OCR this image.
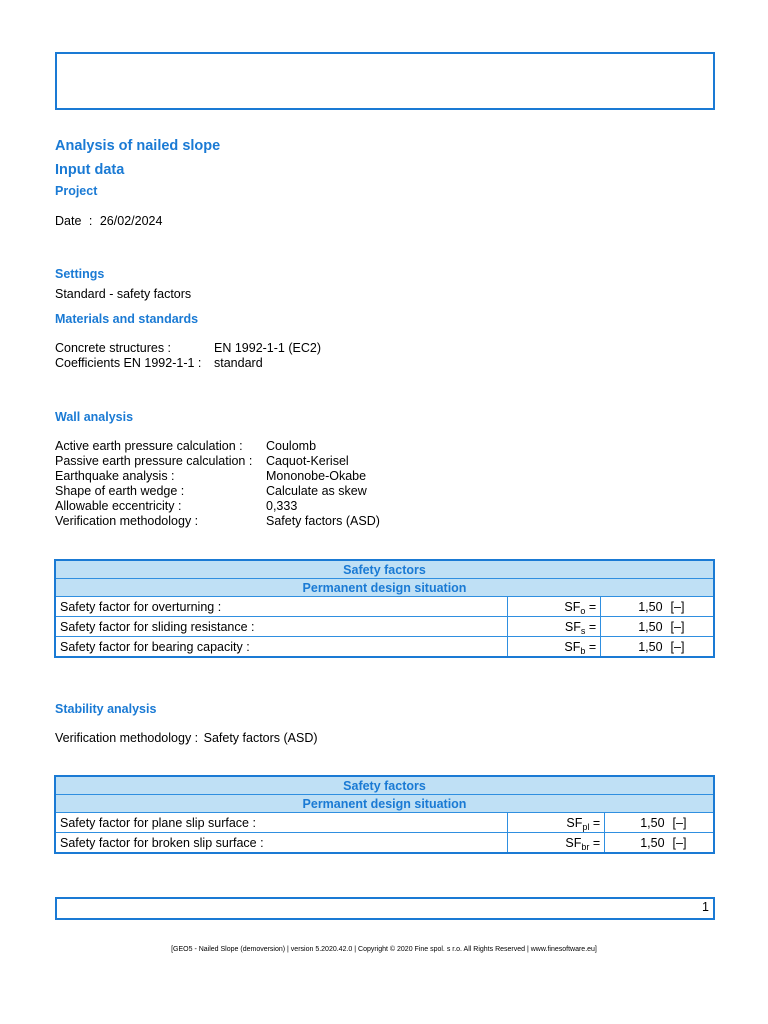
Analysis of nailed slope
Input data
Project
Date : 26/02/2024
Settings
Standard - safety factors
Materials and standards
Concrete structures :	EN 1992-1-1 (EC2)
Coefficients EN 1992-1-1 :	standard
Wall analysis
Active earth pressure calculation :	Coulomb
Passive earth pressure calculation :	Caquot-Kerisel
Earthquake analysis :	Mononobe-Okabe
Shape of earth wedge :	Calculate as skew
Allowable eccentricity :	0,333
Verification methodology :	Safety factors (ASD)
Safety factors			
Permanent design situation			
Safety factor for overturning :	$SF_o$ =	1,50	[–]
Safety factor for sliding resistance :	$SF_s$ =	1,50	[–]
Safety factor for bearing capacity :	$SF_b$ =	1,50	[–]
Stability analysis
Verification methodology : Safety factors (ASD)
Safety factors			
Permanent design situation			
Safety factor for plane slip surface :	$SF_{pl}$ =	1,50	[–]
Safety factor for broken slip surface :	$SF_{br}$ =	1,50	[–]
1
[GEO5 - Nailed Slope (demoversion) | version 5.2020.42.0 | Copyright © 2020 Fine spol. s r.o. All Rights Reserved | www.finesoftware.eu]
